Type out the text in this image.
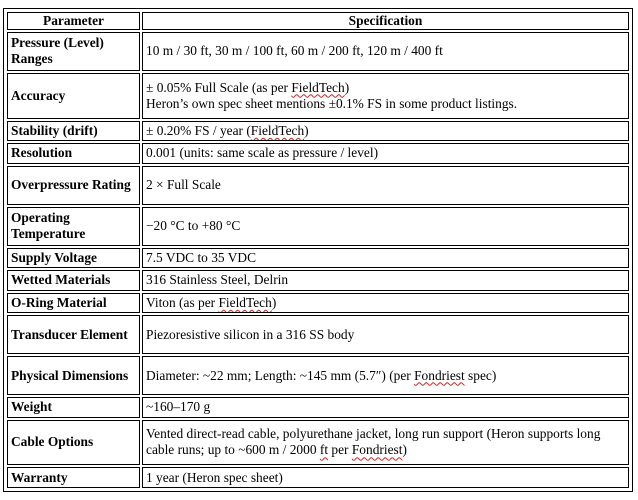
Parameter	Specification
Pressure (Level) Ranges	10 m / 30 ft, 30 m / 100 ft, 60 m / 200 ft, 120 m / 400 ft
Accuracy	± 0.05% Full Scale (as per FieldTech)
Heron’s own spec sheet mentions ±0.1% FS in some product listings.
Stability (drift)	± 0.20% FS / year (FieldTech)
Resolution	0.001 (units: same scale as pressure / level)
Overpressure Rating	2 × Full Scale
Operating Temperature	−20 °C to +80 °C
Supply Voltage	7.5 VDC to 35 VDC
Wetted Materials	316 Stainless Steel, Delrin
O-Ring Material	Viton (as per FieldTech)
Transducer Element	Piezoresistive silicon in a 316 SS body
Physical Dimensions	Diameter: ~22 mm; Length: ~145 mm (5.7″) (per Fondriest spec)
Weight	~160–170 g
Cable Options	Vented direct-read cable, polyurethane jacket, long run support (Heron supports long cable runs; up to ~600 m / 2000 ft per Fondriest)
Warranty	1 year (Heron spec sheet)
